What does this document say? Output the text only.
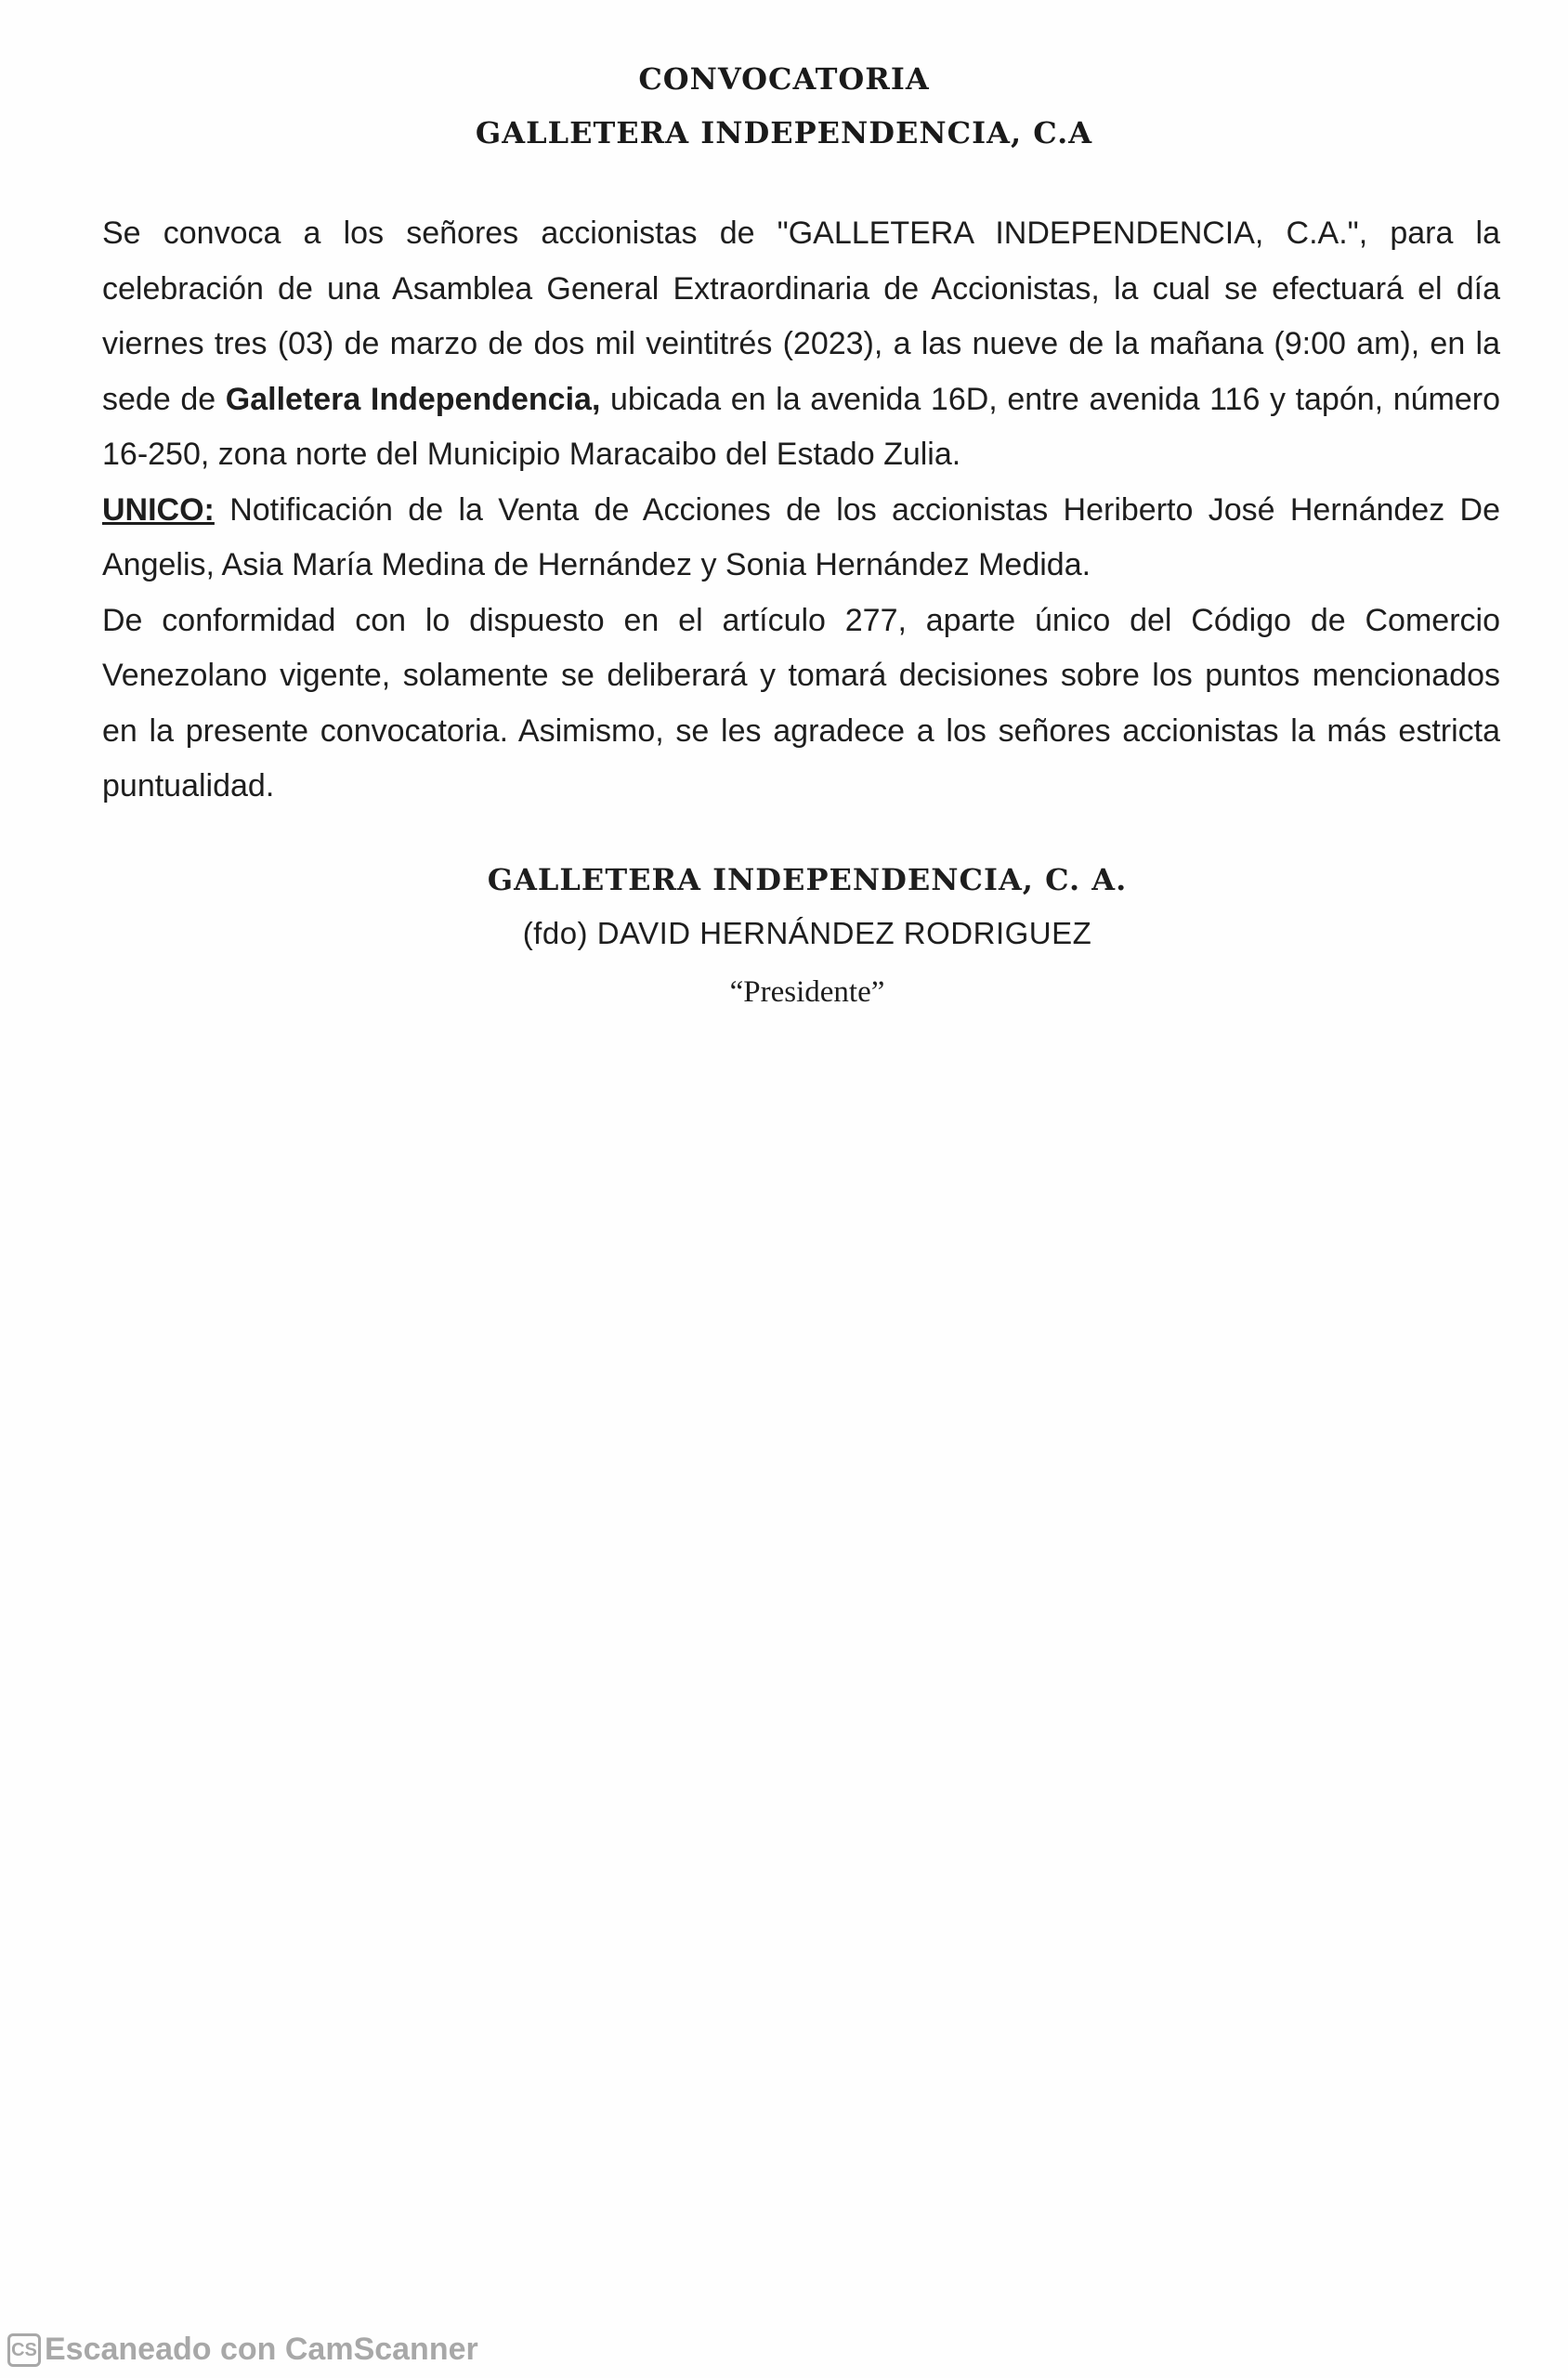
CONVOCATORIA
GALLETERA INDEPENDENCIA, C.A

Se convoca a los señores accionistas de "GALLETERA INDEPENDENCIA, C.A.", para la celebración de una Asamblea General Extraordinaria de Accionistas, la cual se efectuará el día viernes tres (03) de marzo de dos mil veintitrés (2023), a las nueve de la mañana (9:00 am), en la sede de Galletera Independencia, ubicada en la avenida 16D, entre avenida 116 y tapón, número 16-250, zona norte del Municipio Maracaibo del Estado Zulia.

UNICO: Notificación de la Venta de Acciones de los accionistas Heriberto José Hernández De Angelis, Asia María Medina de Hernández y Sonia Hernández Medida.

De conformidad con lo dispuesto en el artículo 277, aparte único del Código de Comercio Venezolano vigente, solamente se deliberará y tomará decisiones sobre los puntos mencionados en la presente convocatoria. Asimismo, se les agradece a los señores accionistas la más estricta puntualidad.

GALLETERA INDEPENDENCIA, C. A.
(fdo) DAVID HERNÁNDEZ RODRIGUEZ
“Presidente”
CS Escaneado con CamScanner
